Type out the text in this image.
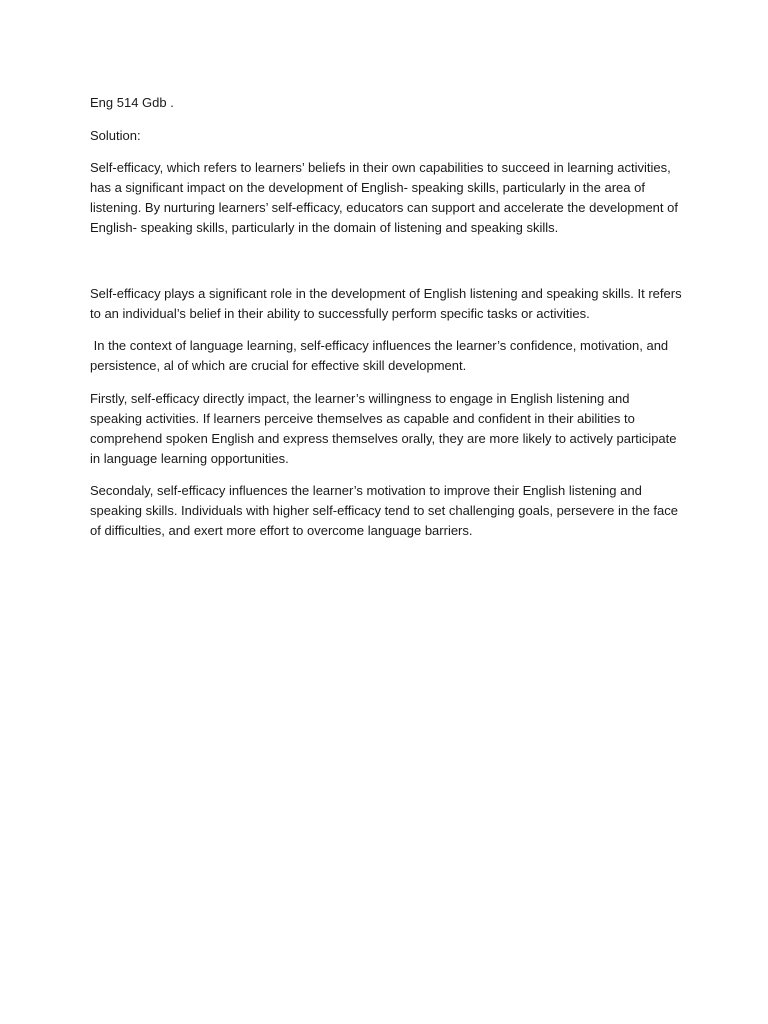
Eng 514 Gdb .

Solution:

Self-efficacy, which refers to learners’ beliefs in their own capabilities to succeed in learning activities, has a significant impact on the development of English- speaking skills, particularly in the area of listening. By nurturing learners’ self-efficacy, educators can support and accelerate the development of English- speaking skills, particularly in the domain of listening and speaking skills.

Self-efficacy plays a significant role in the development of English listening and speaking skills. It refers to an individual’s belief in their ability to successfully perform specific tasks or activities.

In the context of language learning, self-efficacy influences the learner’s confidence, motivation, and persistence, al of which are crucial for effective skill development.

Firstly, self-efficacy directly impact, the learner’s willingness to engage in English listening and speaking activities. If learners perceive themselves as capable and confident in their abilities to comprehend spoken English and express themselves orally, they are more likely to actively participate in language learning opportunities.

Secondaly, self-efficacy influences the learner’s motivation to improve their English listening and speaking skills. Individuals with higher self-efficacy tend to set challenging goals, persevere in the face of difficulties, and exert more effort to overcome language barriers.
